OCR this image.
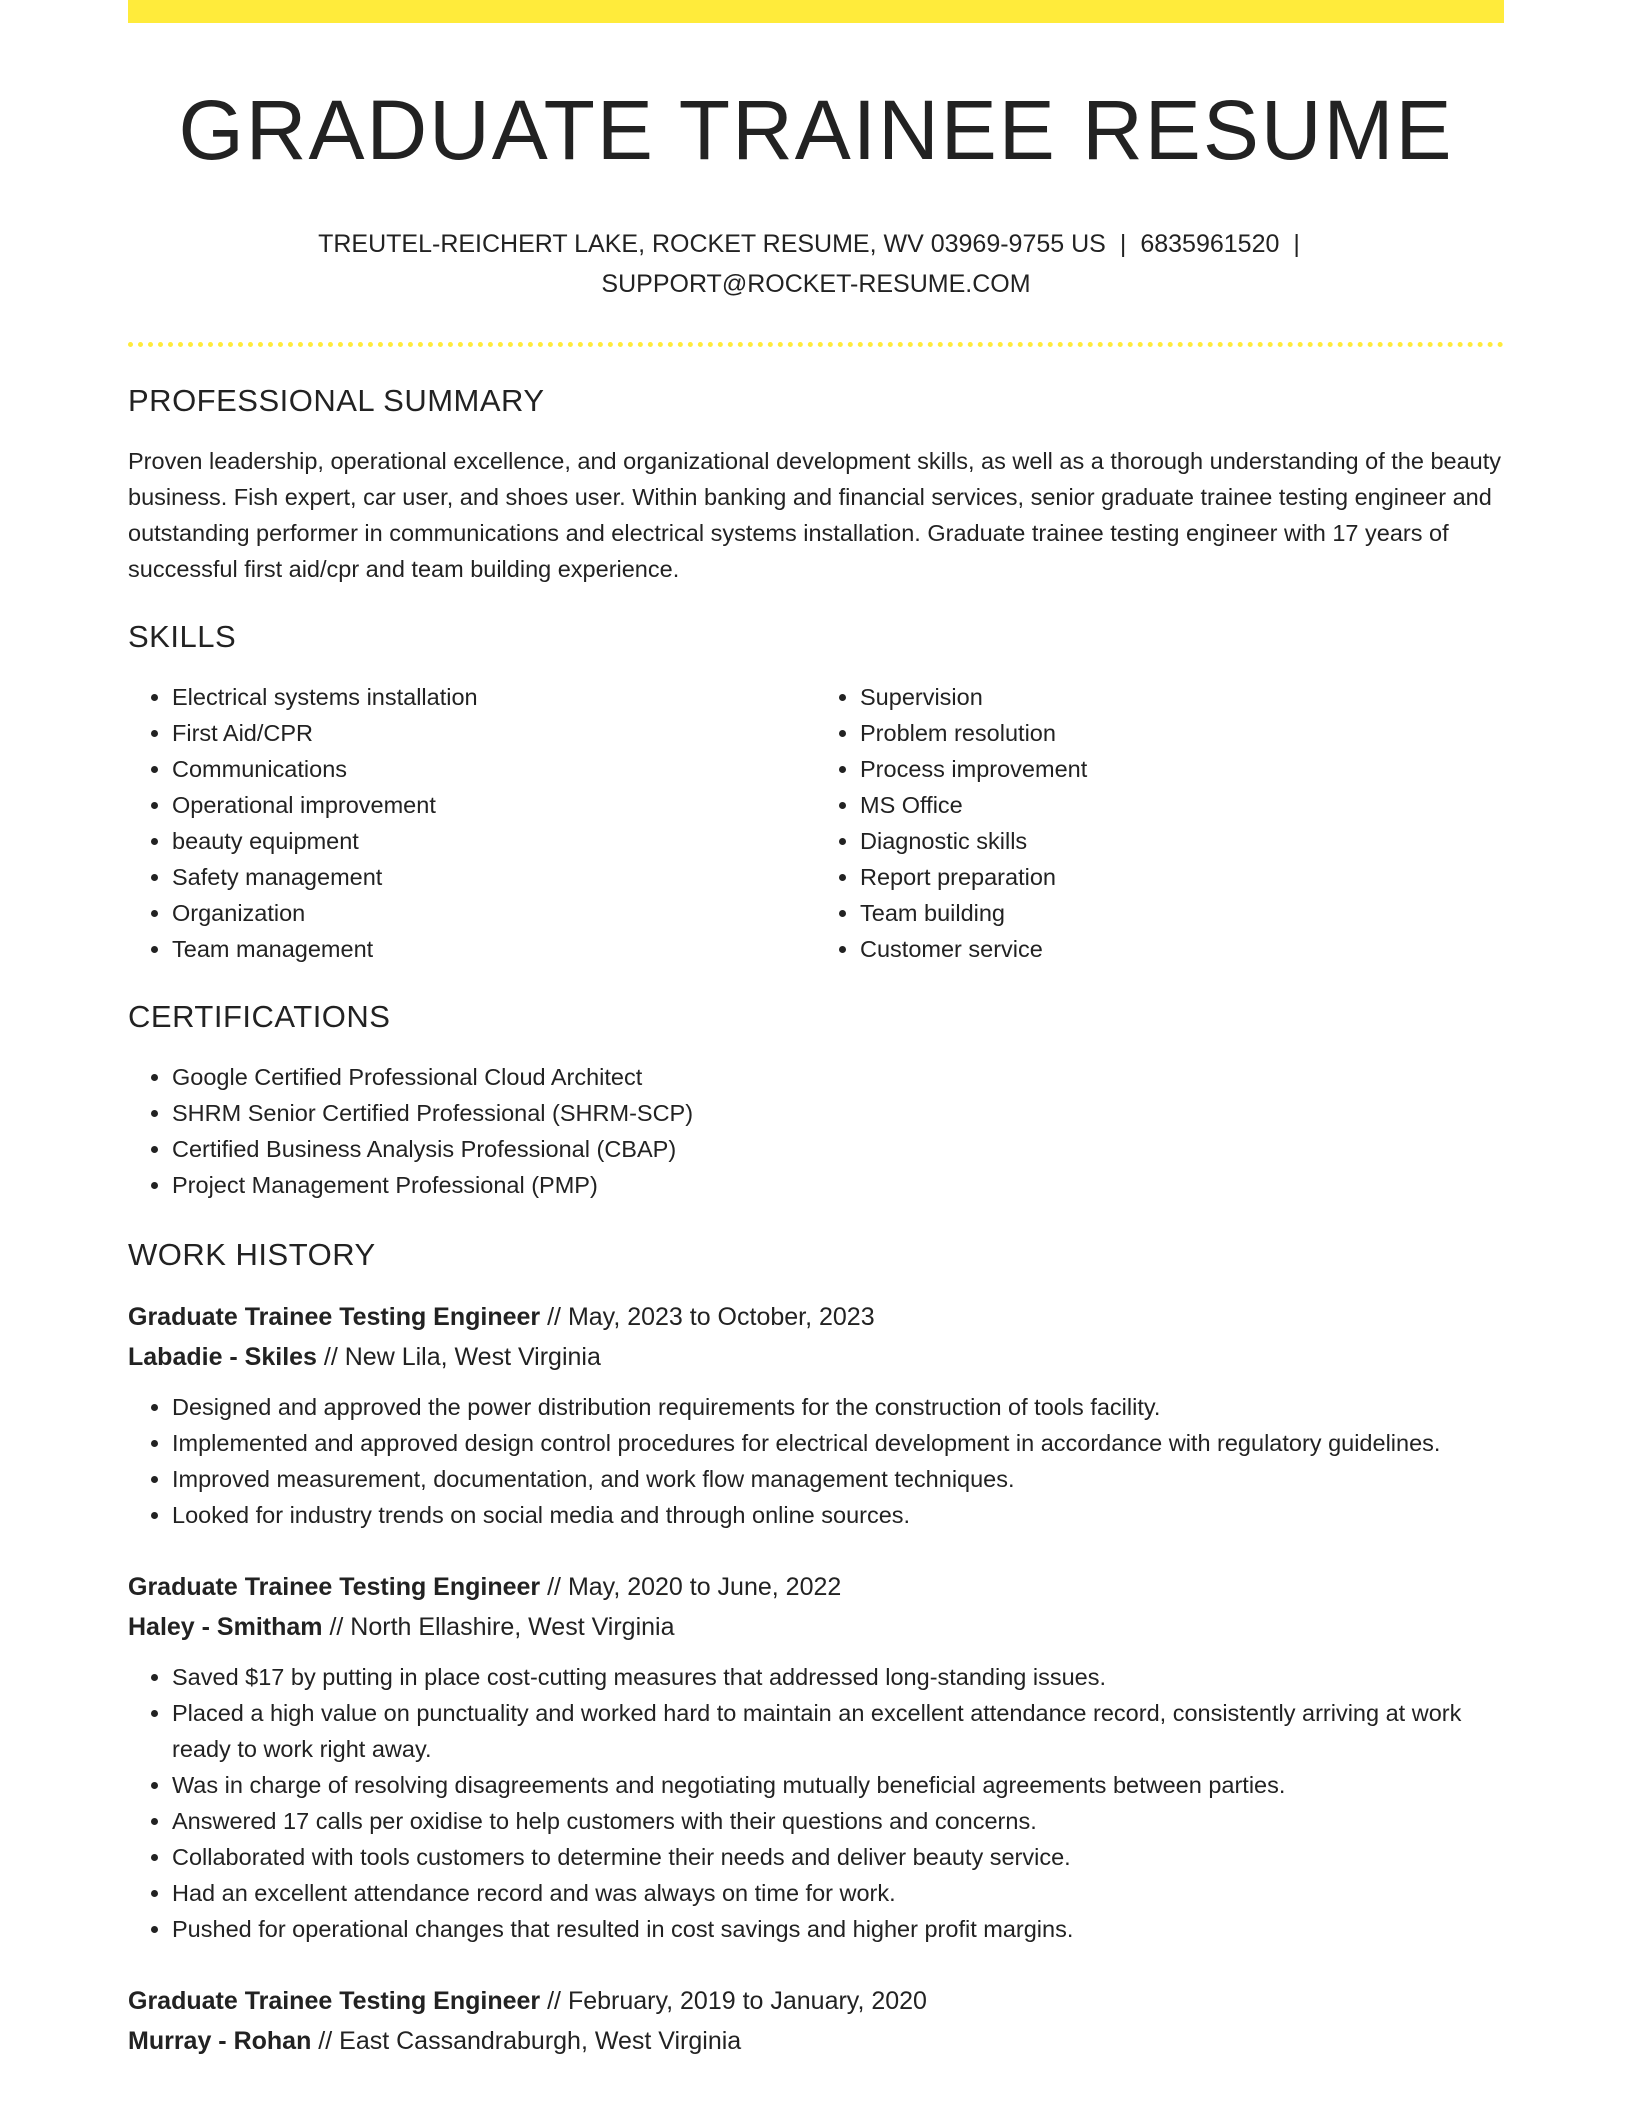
GRADUATE TRAINEE RESUME
TREUTEL-REICHERT LAKE, ROCKET RESUME, WV 03969-9755 US | 6835961520 |
SUPPORT@ROCKET-RESUME.COM
PROFESSIONAL SUMMARY

Proven leadership, operational excellence, and organizational development skills, as well as a thorough understanding of the beauty business. Fish expert, car user, and shoes user. Within banking and financial services, senior graduate trainee testing engineer and outstanding performer in communications and electrical systems installation. Graduate trainee testing engineer with 17 years of successful first aid/cpr and team building experience.

SKILLS
• Electrical systems installation
• First Aid/CPR
• Communications
• Operational improvement
• beauty equipment
• Safety management
• Organization
• Team management
• Supervision
• Problem resolution
• Process improvement
• MS Office
• Diagnostic skills
• Report preparation
• Team building
• Customer service
CERTIFICATIONS
• Google Certified Professional Cloud Architect
• SHRM Senior Certified Professional (SHRM-SCP)
• Certified Business Analysis Professional (CBAP)
• Project Management Professional (PMP)
WORK HISTORY
Graduate Trainee Testing Engineer // May, 2023 to October, 2023
Labadie - Skiles // New Lila, West Virginia
• Designed and approved the power distribution requirements for the construction of tools facility.
• Implemented and approved design control procedures for electrical development in accordance with regulatory guidelines.
• Improved measurement, documentation, and work flow management techniques.
• Looked for industry trends on social media and through online sources.
Graduate Trainee Testing Engineer // May, 2020 to June, 2022
Haley - Smitham // North Ellashire, West Virginia
• Saved $17 by putting in place cost-cutting measures that addressed long-standing issues.
• Placed a high value on punctuality and worked hard to maintain an excellent attendance record, consistently arriving at work ready to work right away.
• Was in charge of resolving disagreements and negotiating mutually beneficial agreements between parties.
• Answered 17 calls per oxidise to help customers with their questions and concerns.
• Collaborated with tools customers to determine their needs and deliver beauty service.
• Had an excellent attendance record and was always on time for work.
• Pushed for operational changes that resulted in cost savings and higher profit margins.
Graduate Trainee Testing Engineer // February, 2019 to January, 2020
Murray - Rohan // East Cassandraburgh, West Virginia
